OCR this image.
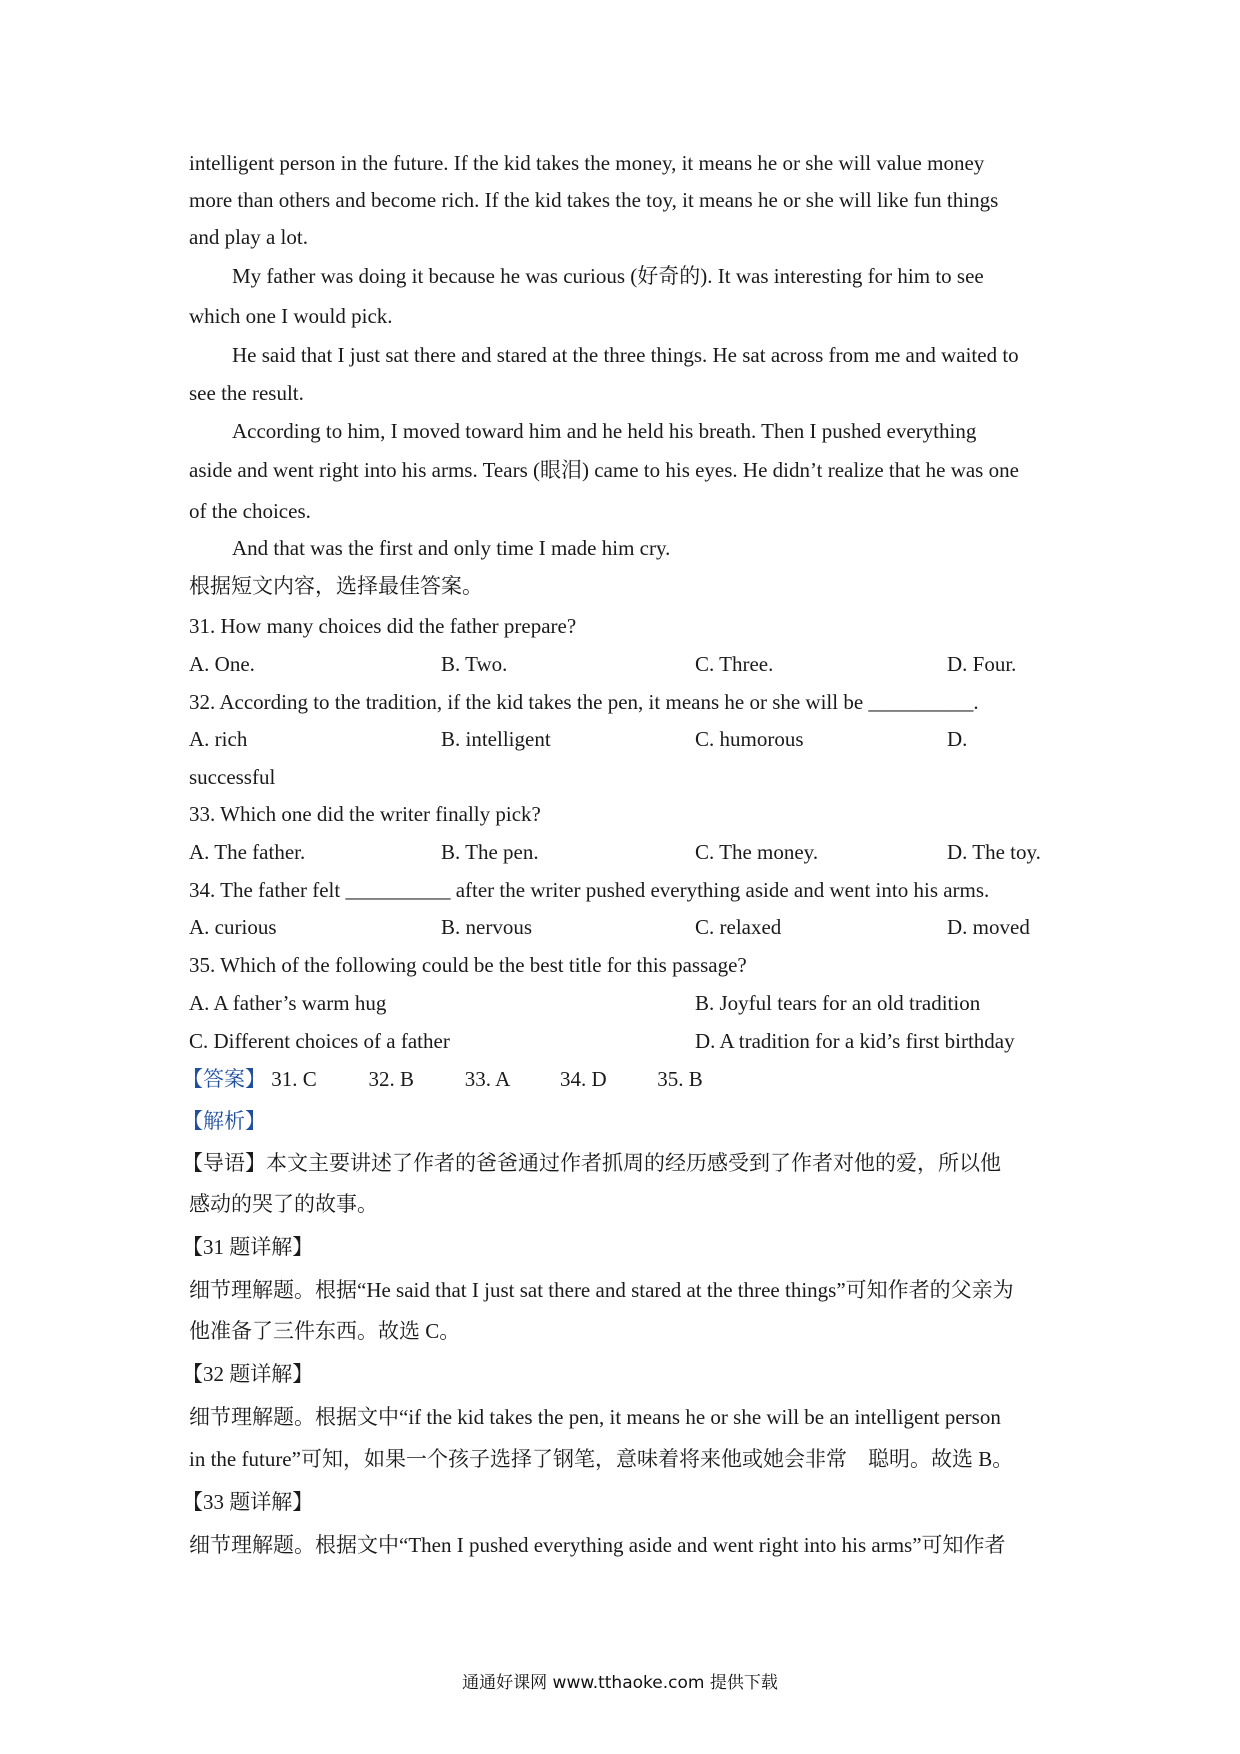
intelligent person in the future. If the kid takes the money, it means he or she will value money
more than others and become rich. If the kid takes the toy, it means he or she will like fun things
and play a lot.
My father was doing it because he was curious (好奇的). It was interesting for him to see
which one I would pick.
He said that I just sat there and stared at the three things. He sat across from me and waited to
see the result.
According to him, I moved toward him and he held his breath. Then I pushed everything
aside and went right into his arms. Tears (眼泪) came to his eyes. He didn’t realize that he was one
of the choices.
And that was the first and only time I made him cry.
根据短文内容，选择最佳答案。
31. How many choices did the father prepare?
A. One.	B. Two.	C. Three.	D. Four.
32. According to the tradition, if the kid takes the pen, it means he or she will be __________.
A. rich	B. intelligent	C. humorous	D.
successful
33. Which one did the writer finally pick?
A. The father.	B. The pen.	C. The money.	D. The toy.
34. The father felt __________ after the writer pushed everything aside and went into his arms.
A. curious	B. nervous	C. relaxed	D. moved
35. Which of the following could be the best title for this passage?
A. A father’s warm hug	B. Joyful tears for an old tradition
C. Different choices of a father	D. A tradition for a kid’s first birthday
【答案】 31. C 32. B 33. A 34. D 35. B
【解析】
【导语】本文主要讲述了作者的爸爸通过作者抓周的经历感受到了作者对他的爱，所以他
感动的哭了的故事。
【31 题详解】
细节理解题。根据“He said that I just sat there and stared at the three things”可知作者的父亲为
他准备了三件东西。故选 C。
【32 题详解】
细节理解题。根据文中“if the kid takes the pen, it means he or she will be an intelligent person
in the future”可知，如果一个孩子选择了钢笔，意味着将来他或她会非常　聪明。故选 B。
【33 题详解】
细节理解题。根据文中“Then I pushed everything aside and went right into his arms”可知作者
通通好课网 www.tthaoke.com 提供下载
